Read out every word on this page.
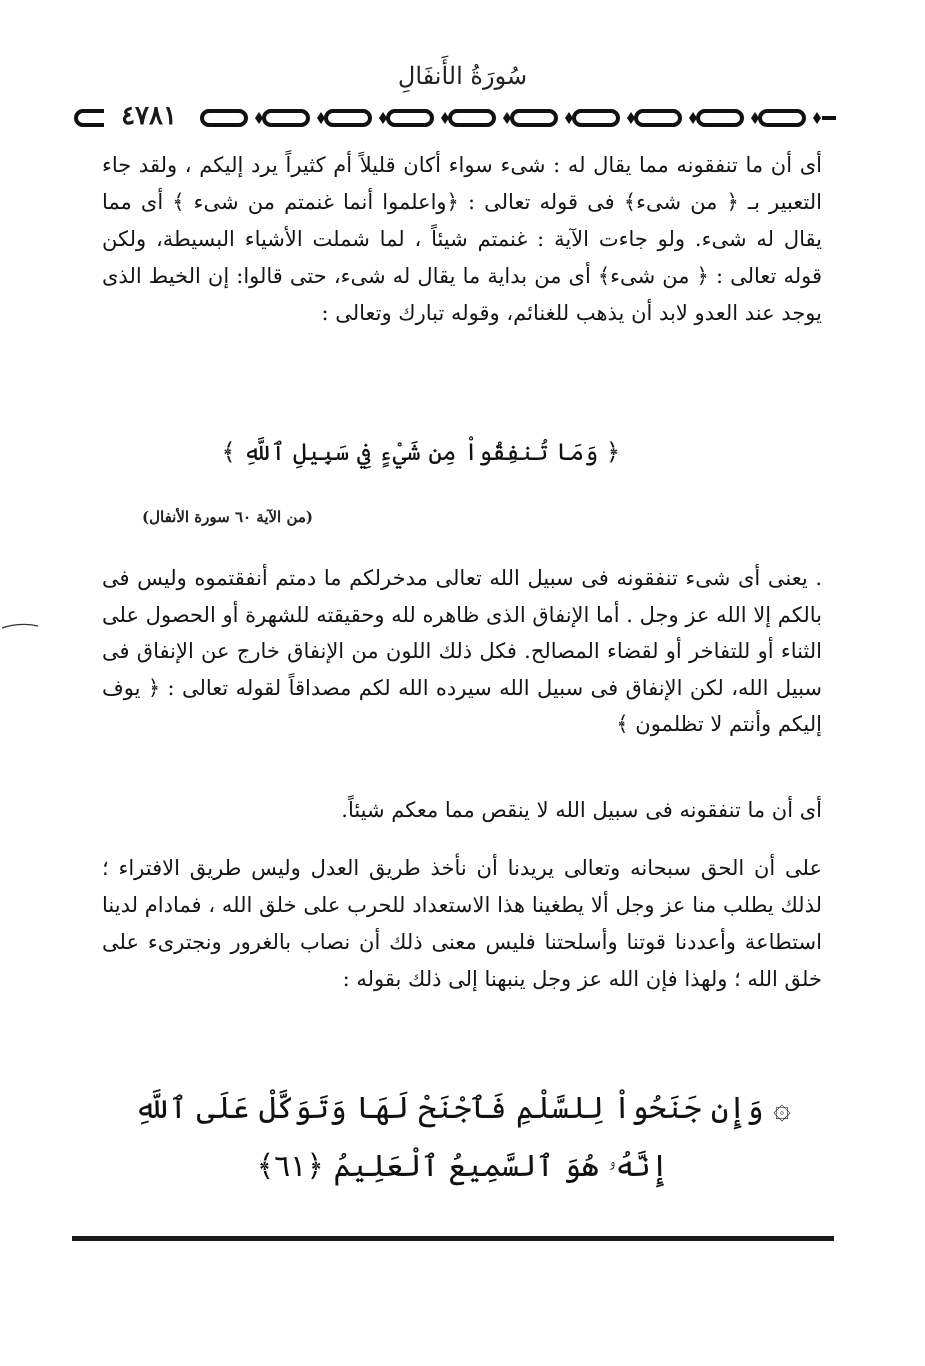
سُورَةُ الأَنفَالِ
٤٧٨١
أى أن ما تنفقونه مما يقال له : شىء سواء أكان قليلاً أم كثيراً يرد إليكم ، ولقد جاء التعبير بـ ﴿ من شىء﴾ فى قوله تعالى : ﴿واعلموا أنما غنمتم من شىء ﴾ أى مما يقال له شىء. ولو جاءت الآية : غنمتم شيئاً ، لما شملت الأشياء البسيطة، ولكن قوله تعالى : ﴿ من شىء﴾ أى من بداية ما يقال له شىء، حتى قالوا: إن الخيط الذى يوجد عند العدو لابد أن يذهب للغنائم، وقوله تبارك وتعالى :
﴿ وَمَا تُنفِقُواْ مِن شَيْءٍ فِي سَبِيلِ ٱللَّهِ ﴾
(من الآية ٦٠ سورة الأنفال)
. يعنى أى شىء تنفقونه فى سبيل الله تعالى مدخرلكم ما دمتم أنفقتموه وليس فى بالكم إلا الله عز وجل . أما الإنفاق الذى ظاهره لله وحقيقته للشهرة أو الحصول على الثناء أو للتفاخر أو لقضاء المصالح. فكل ذلك اللون من الإنفاق خارج عن الإنفاق فى سبيل الله، لكن الإنفاق فى سبيل الله سيرده الله لكم مصداقاً لقوله تعالى : ﴿ يوف إليكم وأنتم لا تظلمون ﴾
أى أن ما تنفقونه فى سبيل الله لا ينقص مما معكم شيئاً.
على أن الحق سبحانه وتعالى يريدنا أن نأخذ طريق العدل وليس طريق الافتراء ؛ لذلك يطلب منا عز وجل ألا يطغينا هذا الاستعداد للحرب على خلق الله ، فمادام لدينا استطاعة وأعددنا قوتنا وأسلحتنا فليس معنى ذلك أن نصاب بالغرور ونجترىء على خلق الله ؛ ولهذا فإن الله عز وجل ينبهنا إلى ذلك بقوله :
۞ وَإِن جَنَحُواْ لِلسَّلْمِ فَٱجْنَحْ لَهَا وَتَوَكَّلْ عَلَى ٱللَّهِ
إِنَّهُۥ هُوَ ٱلسَّمِيعُ ٱلْعَلِيمُ ﴿٦١﴾
